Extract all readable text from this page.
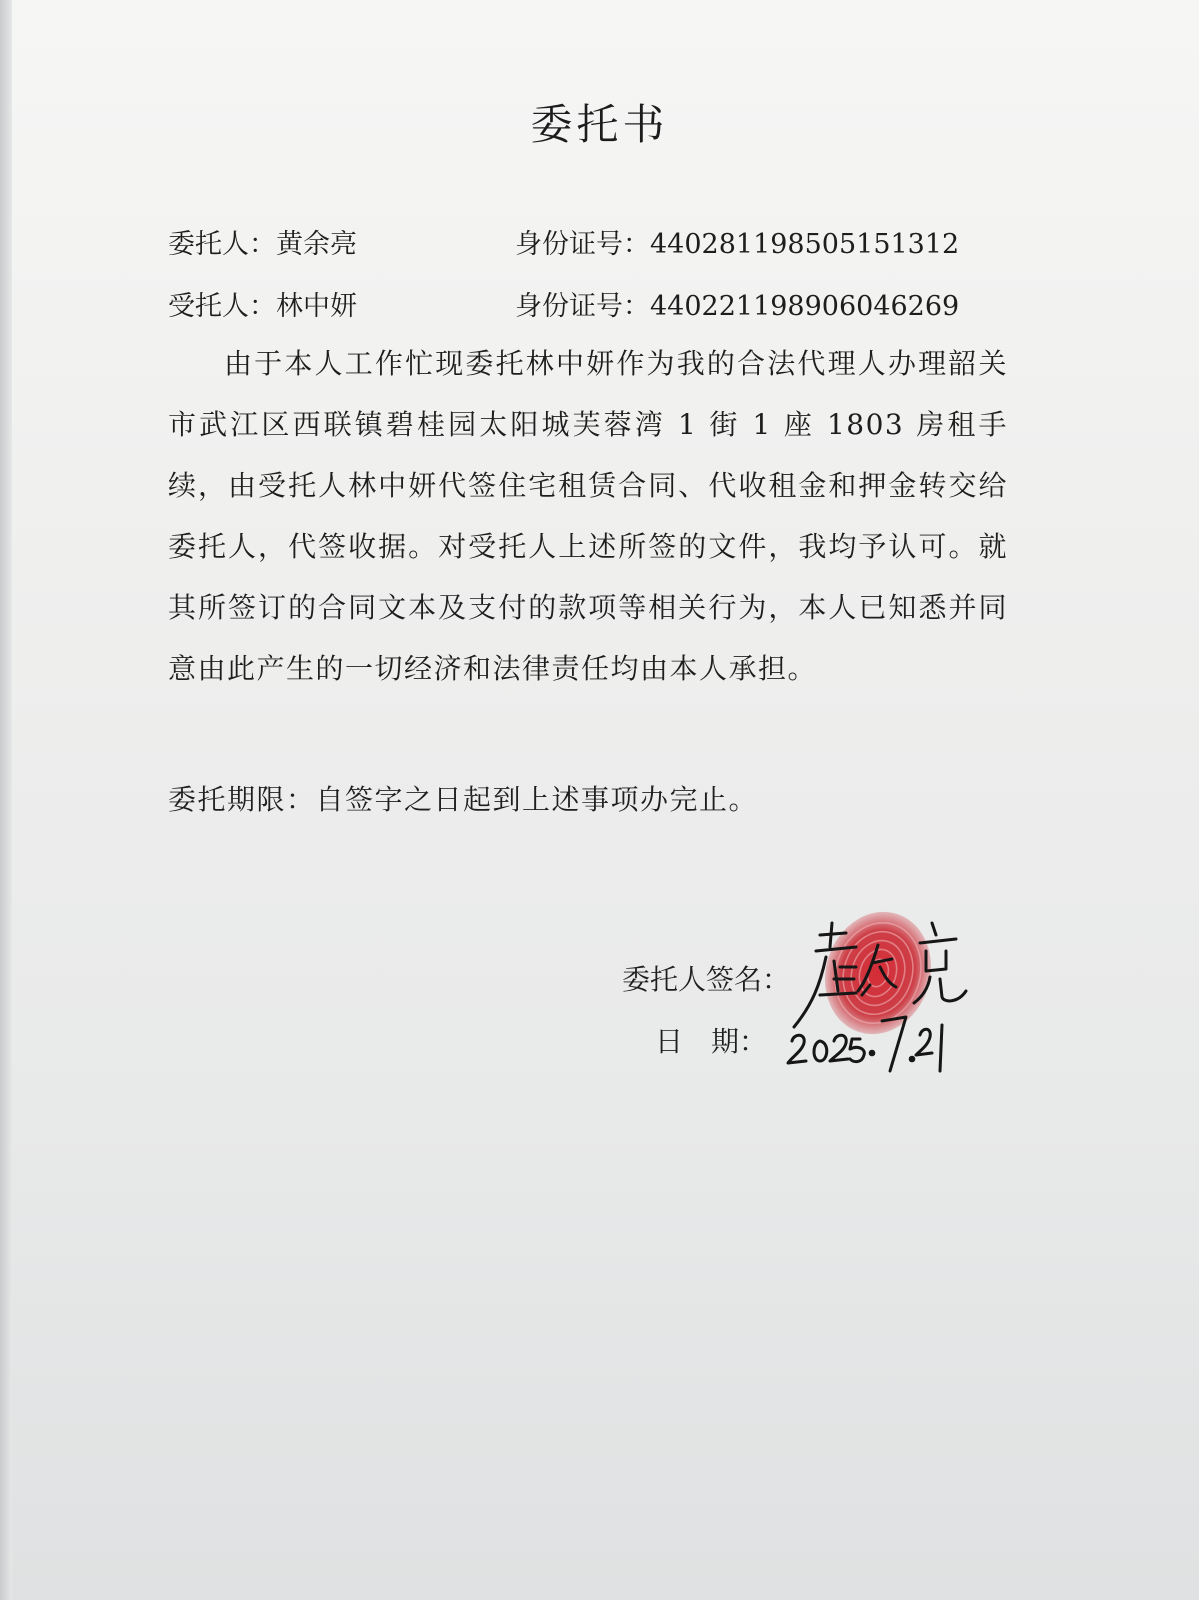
委托书
委托人：黄余亮	身份证号：440281198505151312
受托人：林中妍	身份证号：440221198906046269
由于本人工作忙现委托林中妍作为我的合法代理人办理韶关市武江区西联镇碧桂园太阳城芙蓉湾 1 街 1 座 1803 房租手续，由受托人林中妍代签住宅租赁合同、代收租金和押金转交给委托人，代签收据。对受托人上述所签的文件，我均予认可。就其所签订的合同文本及支付的款项等相关行为，本人已知悉并同意由此产生的一切经济和法律责任均由本人承担。
委托期限：自签字之日起到上述事项办完止。
委托人签名：
日　期：
